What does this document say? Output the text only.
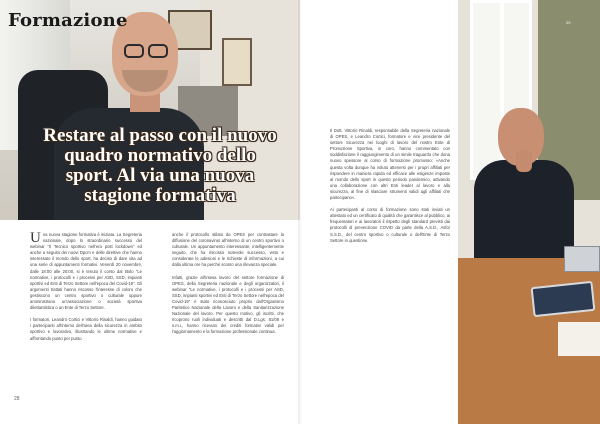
Formazione
Restare al passo con il nuovo quadro normativo dello sport. Al via una nuova stagione formativa

Una nuova stagione formativa è iniziata. La Segreteria nazionale, dopo lo straordinario successo del webinar "Il Tecnico sportivo nell'era post lockdown" ed anche a seguito dei nuovi Dpcm e delle direttive che hanno interessato il mondo dello sport, ha deciso di dare vita ad una serie di appuntamenti formativi. Venerdì 20 novembre, dalle 18:00 alle 20:00, si è tenuto il corso dal titolo "Le normative, i protocolli e i processi per ASD, SSD, impianti sportivi ed Enti di Terzo Settore nell'epoca del Covid-19". Gli argomenti trattati hanno riscosso l'interesse di coloro che gestiscono un centro sportivo o culturale oppure amministrano un'associazione o società sportiva dilettantistica o un Ente di Terzo Settore.

I formatori, Leandro Cortici e Vittorio Rinaldi, hanno guidato i partecipanti all'interno dell'area della sicurezza in ambito sportivo e lavorativo, illustrando le ultime normative e affrontando punto per punto

anche il protocollo stilato da OPES per contrastare la diffusione del coronavirus all'interno di un centro sportivo o culturale. Un appuntamento interessante, intelligentemente seguito, che ha riscosso notevole successo, visto e considerate le adesioni e le richieste di informazioni, a cui dalla ultima ore ha perché sconto una rilevanza speciale.

Infatti, grazie all'intesa lavoro del settore formazione di OPES, della Segreteria nazionale e degli organizzatori, il webinar "Le normative, i protocolli e i processi per ASD, SSD, impianti sportivi ed Enti di Terzo Settore nell'epoca del Covid-19" è stato riconosciuto proprio dall'Organismo Paritetico Nazionale della Lavoro e della Sanitarizzazione Nazionale del lavoro. Per questo motivo, gli iscritti, che ricoprono ruoli individuati e descritti dal D.Lgs. 81/08 e s.m.i., hanno ricevuto dei crediti formativi validi per l'aggiornamento e la formazione professionale continua.

28

Il Dott. Vittorio Rinaldi, responsabile della Segreteria nazionale di OPES, e Leandro Cortici, formatore e vice presidente del settore Sicurezza nei luoghi di lavoro del nostro Ente di Promozione Sportiva, in coro, hanno commentato con soddisfazione il raggiungimento di un simile traguardo che dona nuovo spessore al corso di formazione promosso: «Anche questa volta dunque ha voluto attenersi per i propri affiliati per rispondere in maniera rapida ed efficace alle esigenze imposte al mondo dello sport in questo periodo pandemico, attivando una collaborazione con altri Enti leader al lavoro e alla sicurezza, al fine di rilasciare strumenti validi agli affiliati che partecipano».

Ai partecipanti al corso di formazione sono stati inviati un attestato ed un certificato di qualità che garantisce al pubblico, ai frequentatori e ai lavoratori il rispetto degli standard previsti dai protocolli di prevenzione COVID da parte della A.S.D., Asfo/ S.S.D., del centro sportivo o culturale o dell'Ente di Terzo Settore in questione.

29
